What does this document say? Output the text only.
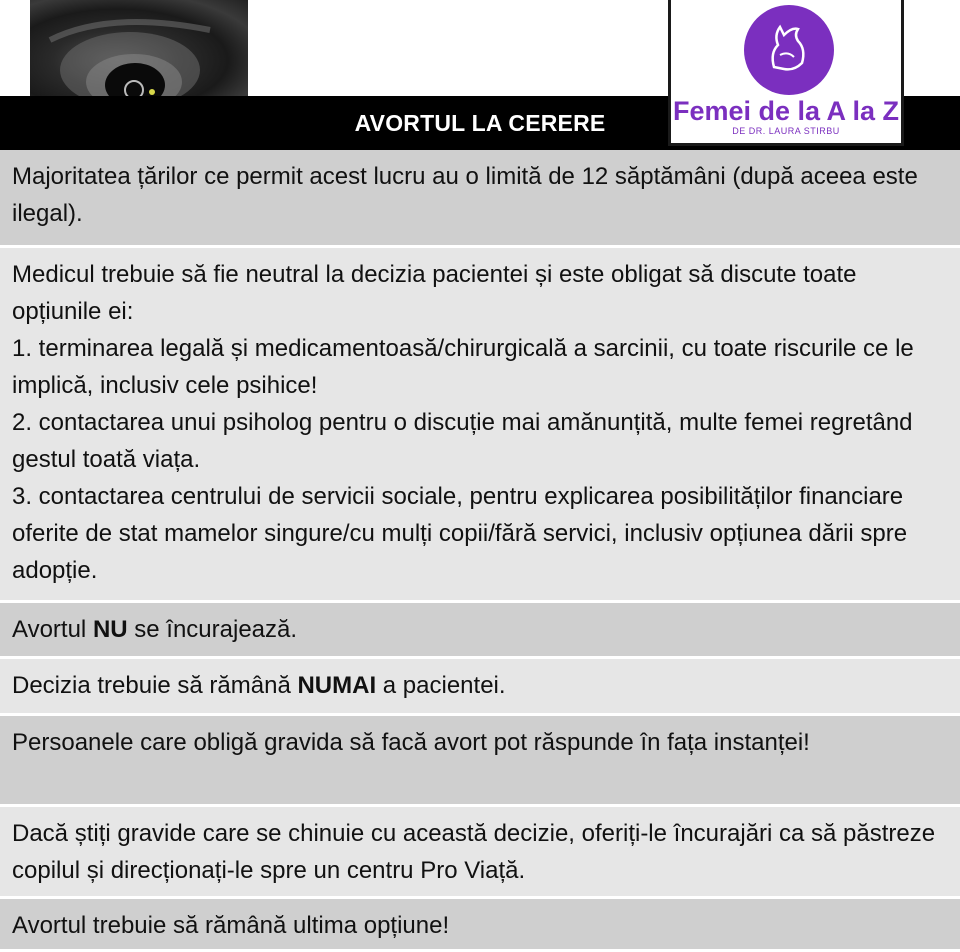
AVORTUL LA CERERE	Femei de la A la Z
DE DR. LAURA STIRBU
Majoritatea țărilor ce permit acest lucru au o limită de 12 săptămâni (după aceea este ilegal).
Medicul trebuie să fie neutral la decizia pacientei și este obligat să discute toate opțiunile ei:
1. terminarea legală și medicamentoasă/chirurgicală a sarcinii, cu toate riscurile ce le implică, inclusiv cele psihice!
2. contactarea unui psiholog pentru o discuție mai amănunțită, multe femei regretând gestul toată viața.
3. contactarea centrului de servicii sociale, pentru explicarea posibilităților financiare oferite de stat mamelor singure/cu mulți copii/fără servici, inclusiv opțiunea dării spre adopție.
Avortul NU se încurajează.
Decizia trebuie să rămână NUMAI a pacientei.
Persoanele care obligă gravida să facă avort pot răspunde în fața instanței!
Dacă știți gravide care se chinuie cu această decizie, oferiți-le încurajări ca să păstreze copilul și direcționați-le spre un centru Pro Viață.
Avortul trebuie să rămână ultima opțiune!
